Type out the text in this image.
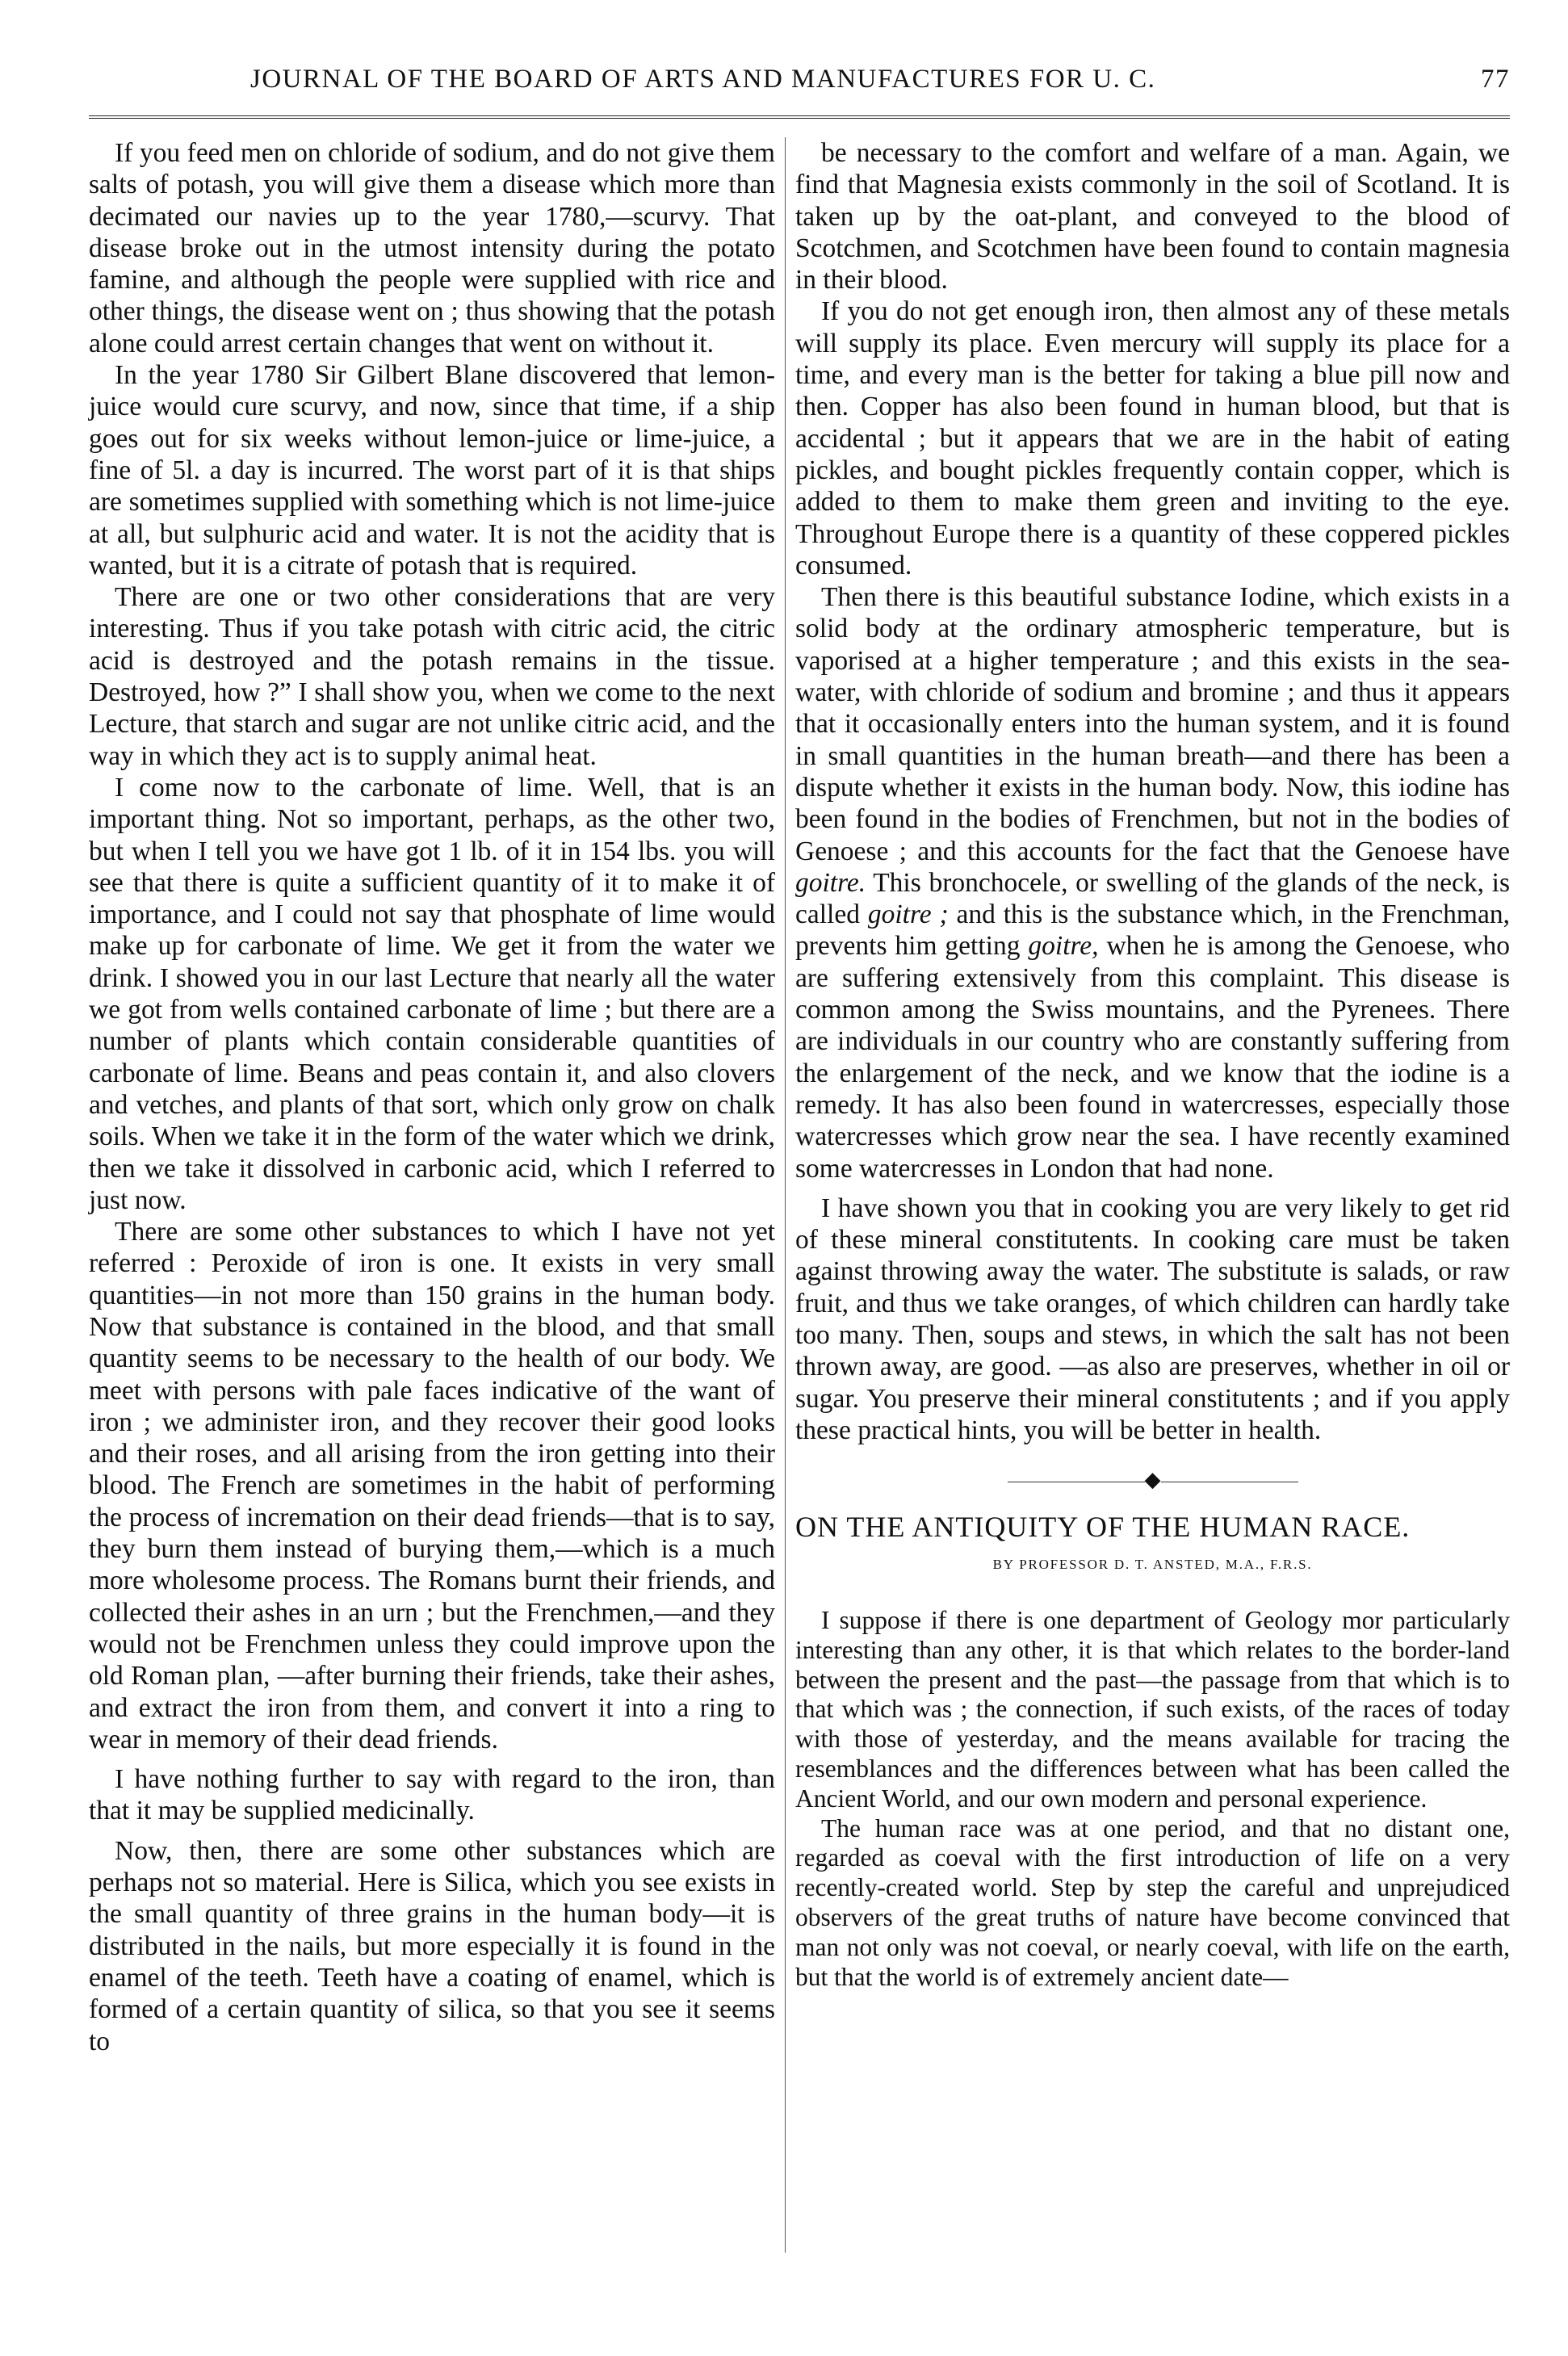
JOURNAL OF THE BOARD OF ARTS AND MANUFACTURES FOR U. C.	77

If you feed men on chloride of sodium, and do not give them salts of potash, you will give them a disease which more than decimated our navies up to the year 1780,—scurvy. That disease broke out in the utmost intensity during the potato famine, and although the people were supplied with rice and other things, the disease went on ; thus showing that the potash alone could arrest certain changes that went on without it.

In the year 1780 Sir Gilbert Blane discovered that lemon-juice would cure scurvy, and now, since that time, if a ship goes out for six weeks without lemon-juice or lime-juice, a fine of 5l. a day is incurred. The worst part of it is that ships are sometimes supplied with something which is not lime-juice at all, but sulphuric acid and water. It is not the acidity that is wanted, but it is a citrate of potash that is required.

There are one or two other considerations that are very interesting. Thus if you take potash with citric acid, the citric acid is destroyed and the potash remains in the tissue. Destroyed, how ?” I shall show you, when we come to the next Lecture, that starch and sugar are not unlike citric acid, and the way in which they act is to supply animal heat.

I come now to the carbonate of lime. Well, that is an important thing. Not so important, perhaps, as the other two, but when I tell you we have got 1 lb. of it in 154 lbs. you will see that there is quite a sufficient quantity of it to make it of importance, and I could not say that phosphate of lime would make up for carbonate of lime. We get it from the water we drink. I showed you in our last Lecture that nearly all the water we got from wells contained carbonate of lime ; but there are a number of plants which contain considerable quantities of carbonate of lime. Beans and peas contain it, and also clovers and vetches, and plants of that sort, which only grow on chalk soils. When we take it in the form of the water which we drink, then we take it dissolved in carbonic acid, which I referred to just now.

There are some other substances to which I have not yet referred : Peroxide of iron is one. It exists in very small quantities—in not more than 150 grains in the human body. Now that substance is contained in the blood, and that small quantity seems to be necessary to the health of our body. We meet with persons with pale faces indicative of the want of iron ; we administer iron, and they recover their good looks and their roses, and all arising from the iron getting into their blood. The French are sometimes in the habit of performing the process of incremation on their dead friends—that is to say, they burn them instead of burying them,—which is a much more wholesome process. The Romans burnt their friends, and collected their ashes in an urn ; but the Frenchmen,—and they would not be Frenchmen unless they could improve upon the old Roman plan, —after burning their friends, take their ashes, and extract the iron from them, and convert it into a ring to wear in memory of their dead friends.

I have nothing further to say with regard to the iron, than that it may be supplied medicinally.

Now, then, there are some other substances which are perhaps not so material. Here is Silica, which you see exists in the small quantity of three grains in the human body—it is distributed in the nails, but more especially it is found in the enamel of the teeth. Teeth have a coating of enamel, which is formed of a certain quantity of silica, so that you see it seems to

be necessary to the comfort and welfare of a man. Again, we find that Magnesia exists commonly in the soil of Scotland. It is taken up by the oat-plant, and conveyed to the blood of Scotchmen, and Scotchmen have been found to contain magnesia in their blood.

If you do not get enough iron, then almost any of these metals will supply its place. Even mercury will supply its place for a time, and every man is the better for taking a blue pill now and then. Copper has also been found in human blood, but that is accidental ; but it appears that we are in the habit of eating pickles, and bought pickles frequently contain copper, which is added to them to make them green and inviting to the eye. Throughout Europe there is a quantity of these coppered pickles consumed.

Then there is this beautiful substance Iodine, which exists in a solid body at the ordinary atmospheric temperature, but is vaporised at a higher temperature ; and this exists in the sea-water, with chloride of sodium and bromine ; and thus it appears that it occasionally enters into the human system, and it is found in small quantities in the human breath—and there has been a dispute whether it exists in the human body. Now, this iodine has been found in the bodies of Frenchmen, but not in the bodies of Genoese ; and this accounts for the fact that the Genoese have goitre. This bronchocele, or swelling of the glands of the neck, is called goitre ; and this is the substance which, in the Frenchman, prevents him getting goitre, when he is among the Genoese, who are suffering extensively from this complaint. This disease is common among the Swiss mountains, and the Pyrenees. There are individuals in our country who are constantly suffering from the enlargement of the neck, and we know that the iodine is a remedy. It has also been found in watercresses, especially those watercresses which grow near the sea. I have recently examined some watercresses in London that had none.

I have shown you that in cooking you are very likely to get rid of these mineral constitutents. In cooking care must be taken against throwing away the water. The substitute is salads, or raw fruit, and thus we take oranges, of which children can hardly take too many. Then, soups and stews, in which the salt has not been thrown away, are good. —as also are preserves, whether in oil or sugar. You preserve their mineral constitutents ; and if you apply these practical hints, you will be better in health.

◆
ON THE ANTIQUITY OF THE HUMAN RACE.
BY PROFESSOR D. T. ANSTED, M.A., F.R.S.

I suppose if there is one department of Geology mor particularly interesting than any other, it is that which relates to the border-land between the present and the past—the passage from that which is to that which was ; the connection, if such exists, of the races of today with those of yesterday, and the means available for tracing the resemblances and the differences between what has been called the Ancient World, and our own modern and personal experience.

The human race was at one period, and that no distant one, regarded as coeval with the first introduction of life on a very recently-created world. Step by step the careful and unprejudiced observers of the great truths of nature have become convinced that man not only was not coeval, or nearly coeval, with life on the earth, but that the world is of extremely ancient date—
